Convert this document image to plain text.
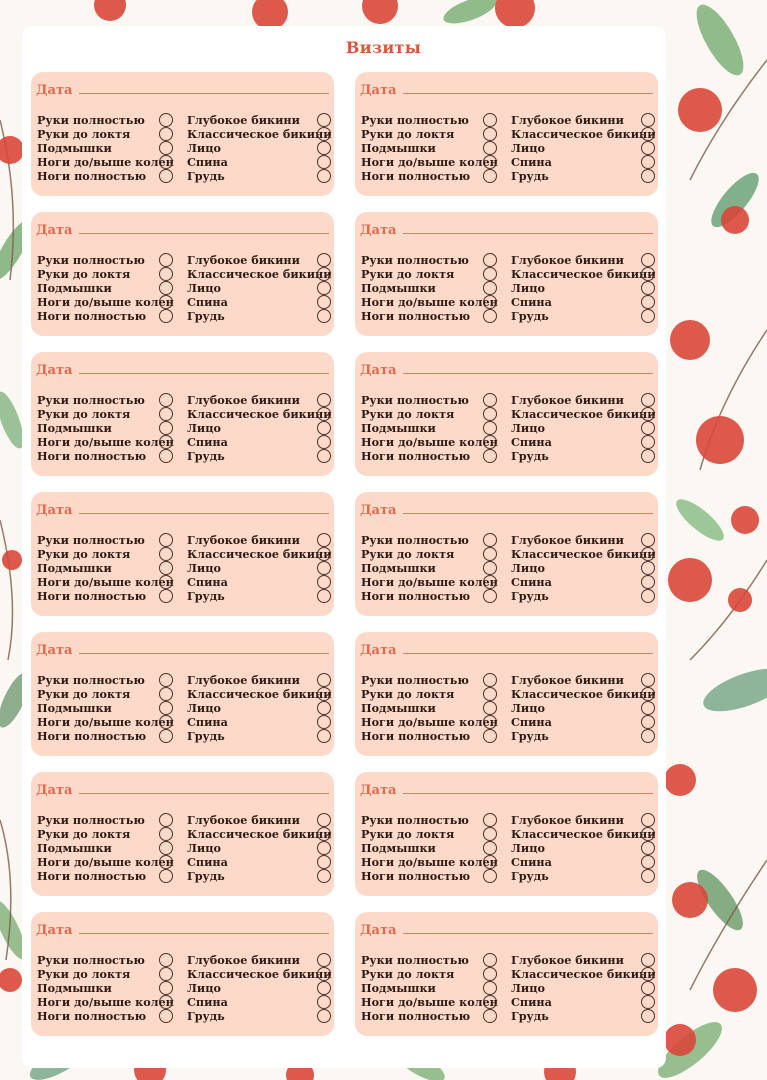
Визиты
Дата
Руки полностью
Руки до локтя
Подмышки
Ноги до/выше колен
Ноги полностью
Глубокое бикини
Классическое бикини
Лицо
Спина
Грудь
Дата
Руки полностью
Руки до локтя
Подмышки
Ноги до/выше колен
Ноги полностью
Глубокое бикини
Классическое бикини
Лицо
Спина
Грудь
Дата
Руки полностью
Руки до локтя
Подмышки
Ноги до/выше колен
Ноги полностью
Глубокое бикини
Классическое бикини
Лицо
Спина
Грудь
Дата
Руки полностью
Руки до локтя
Подмышки
Ноги до/выше колен
Ноги полностью
Глубокое бикини
Классическое бикини
Лицо
Спина
Грудь
Дата
Руки полностью
Руки до локтя
Подмышки
Ноги до/выше колен
Ноги полностью
Глубокое бикини
Классическое бикини
Лицо
Спина
Грудь
Дата
Руки полностью
Руки до локтя
Подмышки
Ноги до/выше колен
Ноги полностью
Глубокое бикини
Классическое бикини
Лицо
Спина
Грудь
Дата
Руки полностью
Руки до локтя
Подмышки
Ноги до/выше колен
Ноги полностью
Глубокое бикини
Классическое бикини
Лицо
Спина
Грудь
Дата
Руки полностью
Руки до локтя
Подмышки
Ноги до/выше колен
Ноги полностью
Глубокое бикини
Классическое бикини
Лицо
Спина
Грудь
Дата
Руки полностью
Руки до локтя
Подмышки
Ноги до/выше колен
Ноги полностью
Глубокое бикини
Классическое бикини
Лицо
Спина
Грудь
Дата
Руки полностью
Руки до локтя
Подмышки
Ноги до/выше колен
Ноги полностью
Глубокое бикини
Классическое бикини
Лицо
Спина
Грудь
Дата
Руки полностью
Руки до локтя
Подмышки
Ноги до/выше колен
Ноги полностью
Глубокое бикини
Классическое бикини
Лицо
Спина
Грудь
Дата
Руки полностью
Руки до локтя
Подмышки
Ноги до/выше колен
Ноги полностью
Глубокое бикини
Классическое бикини
Лицо
Спина
Грудь
Дата
Руки полностью
Руки до локтя
Подмышки
Ноги до/выше колен
Ноги полностью
Глубокое бикини
Классическое бикини
Лицо
Спина
Грудь
Дата
Руки полностью
Руки до локтя
Подмышки
Ноги до/выше колен
Ноги полностью
Глубокое бикини
Классическое бикини
Лицо
Спина
Грудь
